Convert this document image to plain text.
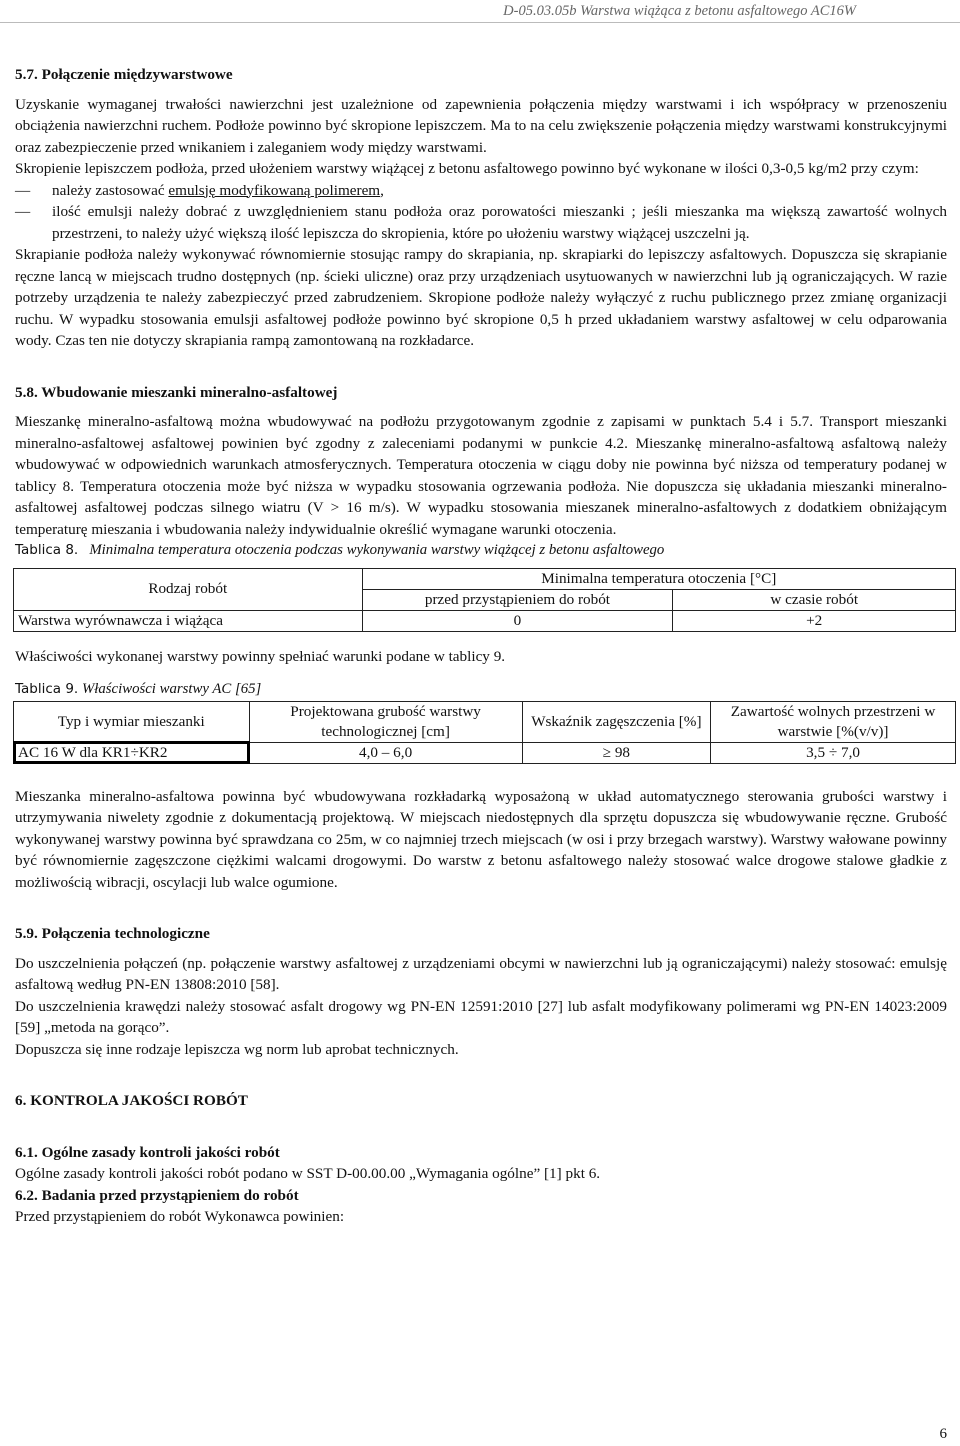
D-05.03.05b Warstwa wiążąca z betonu asfaltowego AC16W
5.7. Połączenie międzywarstwowe

Uzyskanie wymaganej trwałości nawierzchni jest uzależnione od zapewnienia połączenia między warstwami i ich współpracy w przenoszeniu obciążenia nawierzchni ruchem. Podłoże powinno być skropione lepiszczem. Ma to na celu zwiększenie połączenia między warstwami konstrukcyjnymi oraz zabezpieczenie przed wnikaniem i zaleganiem wody między warstwami.

Skropienie lepiszczem podłoża, przed ułożeniem warstwy wiążącej z betonu asfaltowego powinno być wykonane w ilości 0,3-0,5 kg/m2 przy czym:

— należy zastosować emulsję modyfikowaną polimerem,
— ilość emulsji należy dobrać z uwzględnieniem stanu podłoża oraz porowatości mieszanki ; jeśli mieszanka ma większą zawartość wolnych przestrzeni, to należy użyć większą ilość lepiszcza do skropienia, które po ułożeniu warstwy wiążącej uszczelni ją.

Skrapianie podłoża należy wykonywać równomiernie stosując rampy do skrapiania, np. skrapiarki do lepiszczy asfaltowych. Dopuszcza się skrapianie ręczne lancą w miejscach trudno dostępnych (np. ścieki uliczne) oraz przy urządzeniach usytuowanych w nawierzchni lub ją ograniczających. W razie potrzeby urządzenia te należy zabezpieczyć przed zabrudzeniem. Skropione podłoże należy wyłączyć z ruchu publicznego przez zmianę organizacji ruchu. W wypadku stosowania emulsji asfaltowej podłoże powinno być skropione 0,5 h przed układaniem warstwy asfaltowej w celu odparowania wody. Czas ten nie dotyczy skrapiania rampą zamontowaną na rozkładarce.

5.8. Wbudowanie mieszanki mineralno-asfaltowej

Mieszankę mineralno-asfaltową można wbudowywać na podłożu przygotowanym zgodnie z zapisami w punktach 5.4 i 5.7. Transport mieszanki mineralno-asfaltowej asfaltowej powinien być zgodny z zaleceniami podanymi w punkcie 4.2. Mieszankę mineralno-asfaltową asfaltową należy wbudowywać w odpowiednich warunkach atmosferycznych. Temperatura otoczenia w ciągu doby nie powinna być niższa od temperatury podanej w tablicy 8. Temperatura otoczenia może być niższa w wypadku stosowania ogrzewania podłoża. Nie dopuszcza się układania mieszanki mineralno-asfaltowej asfaltowej podczas silnego wiatru (V > 16 m/s). W wypadku stosowania mieszanek mineralno-asfaltowych z dodatkiem obniżającym temperaturę mieszania i wbudowania należy indywidualnie określić wymagane warunki otoczenia.

Tablica 8. Minimalna temperatura otoczenia podczas wykonywania warstwy wiążącej z betonu asfaltowego
Rodzaj robót	Minimalna temperatura otoczenia [°C]	
	przed przystąpieniem do robót	w czasie robót
Warstwa wyrównawcza i wiążąca	0	+2

Właściwości wykonanej warstwy powinny spełniać warunki podane w tablicy 9.

Tablica 9. Właściwości warstwy AC [65]
Typ i wymiar mieszanki	Projektowana grubość warstwy technologicznej [cm]	Wskaźnik zagęszczenia [%]	Zawartość wolnych przestrzeni w warstwie [%(v/v)]
AC 16 W dla KR1÷KR2	4,0 – 6,0	≥ 98	3,5 ÷ 7,0

Mieszanka mineralno-asfaltowa powinna być wbudowywana rozkładarką wyposażoną w układ automatycznego sterowania grubości warstwy i utrzymywania niwelety zgodnie z dokumentacją projektową. W miejscach niedostępnych dla sprzętu dopuszcza się wbudowywanie ręczne. Grubość wykonywanej warstwy powinna być sprawdzana co 25m, w co najmniej trzech miejscach (w osi i przy brzegach warstwy). Warstwy wałowane powinny być równomiernie zagęszczone ciężkimi walcami drogowymi. Do warstw z betonu asfaltowego należy stosować walce drogowe stalowe gładkie z możliwością wibracji, oscylacji lub walce ogumione.

5.9. Połączenia technologiczne

Do uszczelnienia połączeń (np. połączenie warstwy asfaltowej z urządzeniami obcymi w nawierzchni lub ją ograniczającymi) należy stosować: emulsję asfaltową według PN-EN 13808:2010 [58].

Do uszczelnienia krawędzi należy stosować asfalt drogowy wg PN-EN 12591:2010 [27] lub asfalt modyfikowany polimerami wg PN-EN 14023:2009 [59] „metoda na gorąco”.

Dopuszcza się inne rodzaje lepiszcza wg norm lub aprobat technicznych.

6. KONTROLA JAKOŚCI ROBÓT
6.1. Ogólne zasady kontroli jakości robót

Ogólne zasady kontroli jakości robót podano w SST D-00.00.00 „Wymagania ogólne” [1] pkt 6.

6.2. Badania przed przystąpieniem do robót

Przed przystąpieniem do robót Wykonawca powinien:

6
